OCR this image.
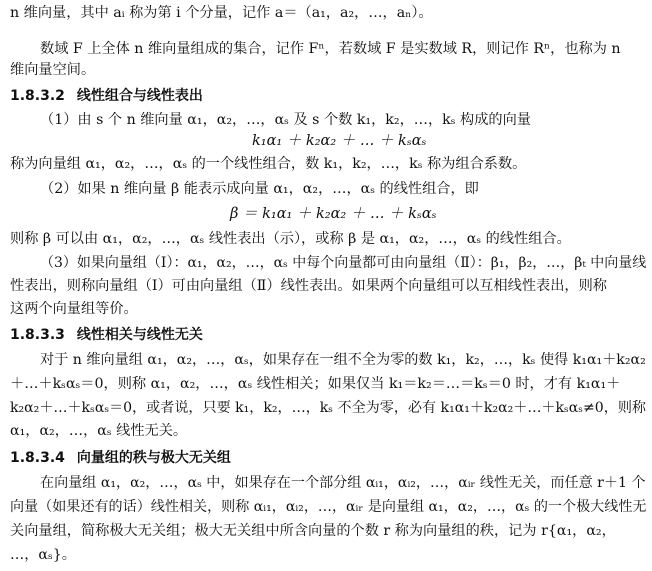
n 维向量，其中 aᵢ 称为第 i 个分量，记作 a＝（a₁，a₂，…，aₙ）。
数域 F 上全体 n 维向量组成的集合，记作 Fⁿ，若数域 F 是实数域 R，则记作 Rⁿ，也称为 n
维向量空间。
1.8.3.2 线性组合与线性表出
（1）由 s 个 n 维向量 α₁，α₂，…，αₛ 及 s 个数 k₁，k₂，…，kₛ 构成的向量
k₁α₁ ＋ k₂α₂ ＋ … ＋ kₛαₛ
称为向量组 α₁，α₂，…，αₛ 的一个线性组合，数 k₁，k₂，…，kₛ 称为组合系数。
（2）如果 n 维向量 β 能表示成向量 α₁，α₂，…，αₛ 的线性组合，即
β ＝ k₁α₁ ＋ k₂α₂ ＋ … ＋ kₛαₛ
则称 β 可以由 α₁，α₂，…，αₛ 线性表出（示），或称 β 是 α₁，α₂，…，αₛ 的线性组合。
（3）如果向量组（Ⅰ）：α₁，α₂，…，αₛ 中每个向量都可由向量组（Ⅱ）：β₁，β₂，…，βₜ 中向量线
性表出，则称向量组（Ⅰ）可由向量组（Ⅱ）线性表出。如果两个向量组可以互相线性表出，则称
这两个向量组等价。
1.8.3.3 线性相关与线性无关
对于 n 维向量组 α₁，α₂，…，αₛ，如果存在一组不全为零的数 k₁，k₂，…，kₛ 使得 k₁α₁＋k₂α₂
＋…＋kₛαₛ＝0，则称 α₁，α₂，…，αₛ 线性相关；如果仅当 k₁＝k₂＝…＝kₛ＝0 时，才有 k₁α₁＋
k₂α₂＋…＋kₛαₛ＝0，或者说，只要 k₁，k₂，…，kₛ 不全为零，必有 k₁α₁＋k₂α₂＋…＋kₛαₛ≠0，则称
α₁，α₂，…，αₛ 线性无关。
1.8.3.4 向量组的秩与极大无关组
在向量组 α₁，α₂，…，αₛ 中，如果存在一个部分组 αᵢ₁，αᵢ₂，…，αᵢᵣ 线性无关，而任意 r＋1 个
向量（如果还有的话）线性相关，则称 αᵢ₁，αᵢ₂，…，αᵢᵣ 是向量组 α₁，α₂，…，αₛ 的一个极大线性无
关向量组，简称极大无关组；极大无关组中所含向量的个数 r 称为向量组的秩，记为 r{α₁，α₂，
…，αₛ}。
